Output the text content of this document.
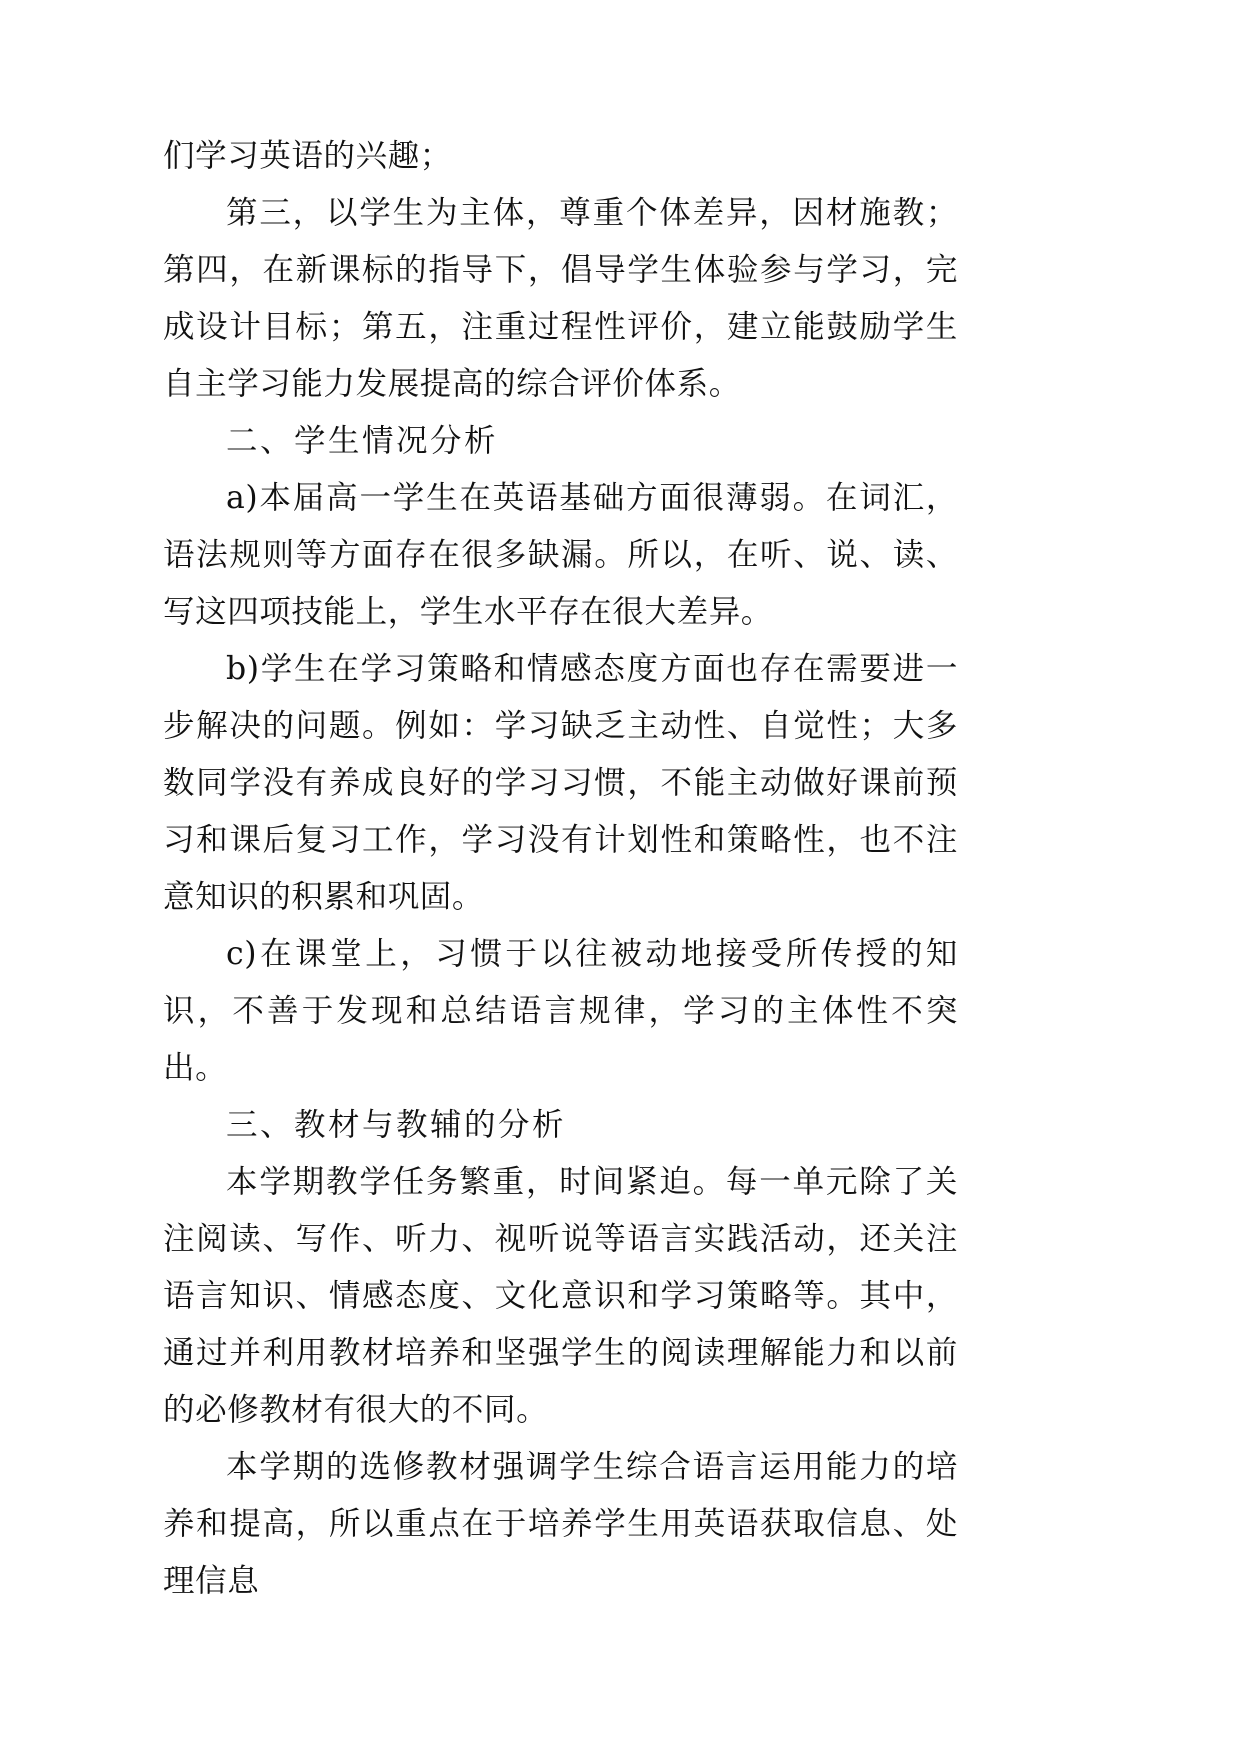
们学习英语的兴趣；

第三，以学生为主体，尊重个体差异，因材施教；第四，在新课标的指导下，倡导学生体验参与学习，完成设计目标；第五，注重过程性评价，建立能鼓励学生自主学习能力发展提高的综合评价体系。

二、学生情况分析

a)本届高一学生在英语基础方面很薄弱。在词汇，语法规则等方面存在很多缺漏。所以，在听、说、读、写这四项技能上，学生水平存在很大差异。

b)学生在学习策略和情感态度方面也存在需要进一步解决的问题。例如：学习缺乏主动性、自觉性；大多数同学没有养成良好的学习习惯，不能主动做好课前预习和课后复习工作，学习没有计划性和策略性，也不注意知识的积累和巩固。

c)在课堂上，习惯于以往被动地接受所传授的知识，不善于发现和总结语言规律，学习的主体性不突出。

三、教材与教辅的分析

本学期教学任务繁重，时间紧迫。每一单元除了关注阅读、写作、听力、视听说等语言实践活动，还关注语言知识、情感态度、文化意识和学习策略等。其中，通过并利用教材培养和坚强学生的阅读理解能力和以前的必修教材有很大的不同。

本学期的选修教材强调学生综合语言运用能力的培养和提高，所以重点在于培养学生用英语获取信息、处理信息
